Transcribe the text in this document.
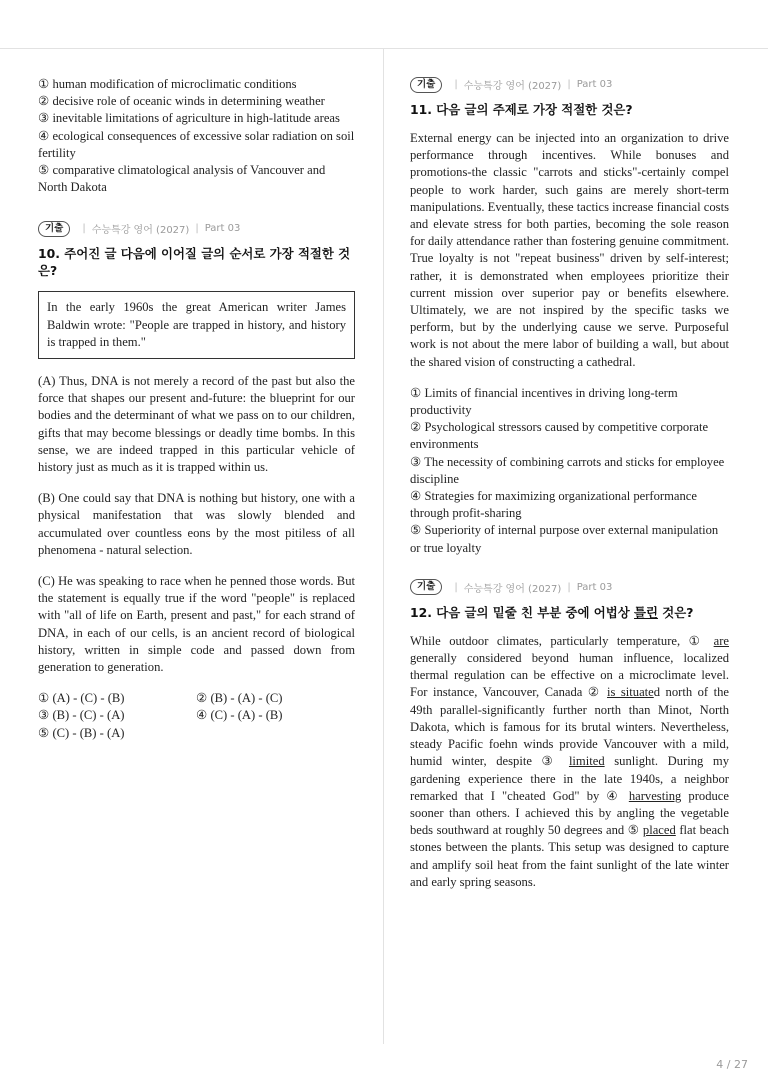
① human modification of microclimatic conditions

② decisive role of oceanic winds in determining weather

③ inevitable limitations of agriculture in high-latitude areas

④ ecological consequences of excessive solar radiation on soil fertility

⑤ comparative climatological analysis of Vancouver and North Dakota

기출	| 수능특강 영어 (2027) | Part 03
10. 주어진 글 다음에 이어질 글의 순서로 가장 적절한 것은?
In the early 1960s the great American writer James Baldwin wrote: "People are trapped in history, and history is trapped in them."

(A) Thus, DNA is not merely a record of the past but also the force that shapes our present and-future: the blueprint for our bodies and the determinant of what we pass on to our children, gifts that may become blessings or deadly time bombs. In this sense, we are indeed trapped in this particular vehicle of history just as much as it is trapped within us.

(B) One could say that DNA is nothing but history, one with a physical manifestation that was slowly blended and accumulated over countless eons by the most pitiless of all phenomena - natural selection.

(C) He was speaking to race when he penned those words. But the statement is equally true if the word "people" is replaced with "all of life on Earth, present and past," for each strand of DNA, in each of our cells, is an ancient record of biological history, written in simple code and passed down from generation to generation.

① (A) - (C) - (B)	② (B) - (A) - (C)
③ (B) - (C) - (A)	④ (C) - (A) - (B)
⑤ (C) - (B) - (A)
기출	| 수능특강 영어 (2027) | Part 03
11. 다음 글의 주제로 가장 적절한 것은?

External energy can be injected into an organization to drive performance through incentives. While bonuses and promotions-the classic "carrots and sticks"-certainly compel people to work harder, such gains are merely short-term manipulations. Eventually, these tactics increase financial costs and elevate stress for both parties, becoming the sole reason for daily attendance rather than fostering genuine commitment. True loyalty is not "repeat business" driven by self-interest; rather, it is demonstrated when employees prioritize their current mission over superior pay or benefits elsewhere. Ultimately, we are not inspired by the specific tasks we perform, but by the underlying cause we serve. Purposeful work is not about the mere labor of building a wall, but about the shared vision of constructing a cathedral.

① Limits of financial incentives in driving long-term productivity

② Psychological stressors caused by competitive corporate environments

③ The necessity of combining carrots and sticks for employee discipline

④ Strategies for maximizing organizational performance through profit-sharing

⑤ Superiority of internal purpose over external manipulation or true loyalty

기출	| 수능특강 영어 (2027) | Part 03
12. 다음 글의 밑줄 친 부분 중에 어법상 틀린 것은?

While outdoor climates, particularly temperature, ① are generally considered beyond human influence, localized thermal regulation can be effective on a microclimate level. For instance, Vancouver, Canada ② is situated north of the 49th parallel-significantly further north than Minot, North Dakota, which is famous for its brutal winters. Nevertheless, steady Pacific foehn winds provide Vancouver with a mild, humid winter, despite ③ limited sunlight. During my gardening experience there in the late 1940s, a neighbor remarked that I "cheated God" by ④ harvesting produce sooner than others. I achieved this by angling the vegetable beds southward at roughly 50 degrees and ⑤ placed flat beach stones between the plants. This setup was designed to capture and amplify soil heat from the faint sunlight of the late winter and early spring seasons.

4 / 27
